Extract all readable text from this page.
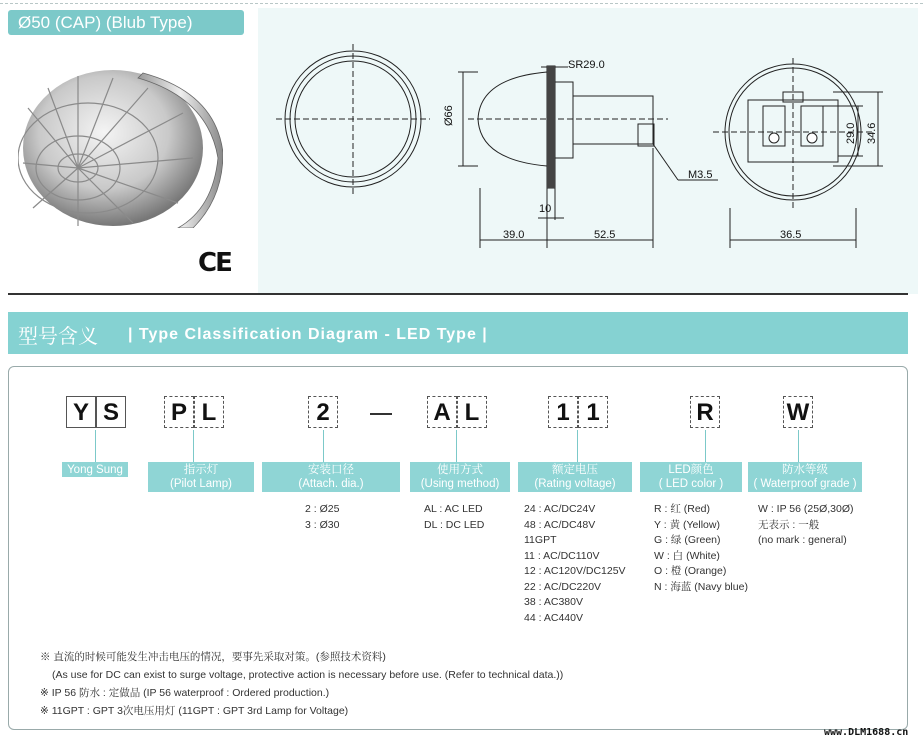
Ø50 (CAP) (Blub Type)
CE
SR29.0
Ø66
10
39.0	52.5
M3.5
36.5
29.0 34.6
型号含义 | Type Classification Diagram - LED Type |
Y S P L	2	A L	1 1	R	W
Yong Sung	指示灯
(Pilot Lamp)
安装口径
(Attach. dia.)
使用方式
(Using method)
额定电压
(Rating voltage)
LED颜色
( LED color )
防水等级
( Waterproof grade )
2 : Ø25
3 : Ø30
AL : AC LED
DL : DC LED
24 : AC/DC24V
48 : AC/DC48V
11GPT
11 : AC/DC110V
12 : AC120V/DC125V
22 : AC/DC220V
38 : AC380V
44 : AC440V
R : 红 (Red)
Y : 黄 (Yellow)
G : 绿 (Green)
W : 白 (White)
O : 橙 (Orange)
N : 海蓝 (Navy blue)
W : IP 56 (25Ø,30Ø)
无表示 : 一般
(no mark : general)
※ 直流的时候可能发生冲击电压的情况，要事先采取对策。(参照技术资料)
(As use for DC can exist to surge voltage, protective action is necessary before use. (Refer to technical data.))
※ IP 56 防水 : 定做品 (IP 56 waterproof : Ordered production.)
※ 11GPT : GPT 3次电压用灯 (11GPT : GPT 3rd Lamp for Voltage)
www.DLM1688.cn
